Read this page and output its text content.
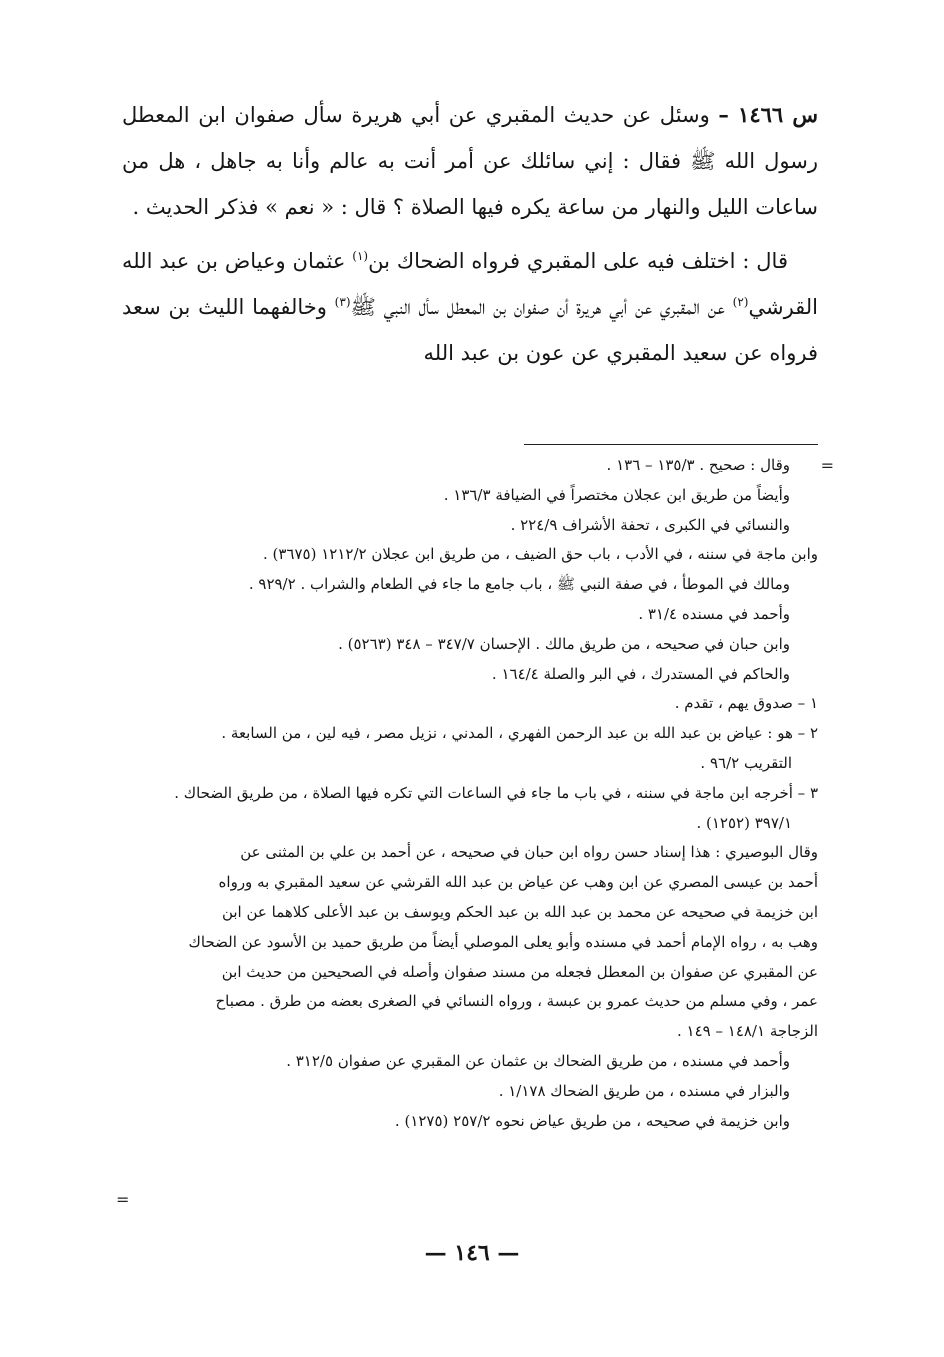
س ١٤٦٦ – وسئل عن حديث المقبري عن أبي هريرة سأل صفوان ابن المعطل رسول الله ﷺ فقال : إني سائلك عن أمر أنت به عالم وأنا به جاهل ، هل من ساعات الليل والنهار من ساعة يكره فيها الصلاة ؟ قال : « نعم » فذكر الحديث .

قال : اختلف فيه على المقبري فرواه الضحاك بن$^{(١)}$ عثمان وعياض بن عبد الله القرشي$^{(٢)}$ عن المقبري عن أبي هريرة أن صفوان بن المعطل سأل النبي ﷺ$^{(٣)}$ وخالفهما الليث بن سعد فرواه عن سعيد المقبري عن عون بن عبد الله

=

وقال : صحيح . ١٣٥/٣ – ١٣٦ .

وأيضاً من طريق ابن عجلان مختصراً في الضيافة ١٣٦/٣ .

والنسائي في الكبرى ، تحفة الأشراف ٢٢٤/٩ .

وابن ماجة في سننه ، في الأدب ، باب حق الضيف ، من طريق ابن عجلان ١٢١٢/٢ (٣٦٧٥) .

ومالك في الموطأ ، في صفة النبي ﷺ ، باب جامع ما جاء في الطعام والشراب . ٩٢٩/٢ .

وأحمد في مسنده ٣١/٤ .

وابن حبان في صحيحه ، من طريق مالك . الإحسان ٣٤٧/٧ – ٣٤٨ (٥٢٦٣) .

والحاكم في المستدرك ، في البر والصلة ١٦٤/٤ .

١ – صدوق يهم ، تقدم .

٢ – هو : عياض بن عبد الله بن عبد الرحمن الفهري ، المدني ، نزيل مصر ، فيه لين ، من السابعة .

التقريب ٩٦/٢ .

٣ – أخرجه ابن ماجة في سننه ، في باب ما جاء في الساعات التي تكره فيها الصلاة ، من طريق الضحاك .

٣٩٧/١ (١٢٥٢) .

وقال البوصيري : هذا إسناد حسن رواه ابن حبان في صحيحه ، عن أحمد بن علي بن المثنى عن

أحمد بن عيسى المصري عن ابن وهب عن عياض بن عبد الله القرشي عن سعيد المقبري به ورواه

ابن خزيمة في صحيحه عن محمد بن عبد الله بن عبد الحكم ويوسف بن عبد الأعلى كلاهما عن ابن

وهب به ، رواه الإمام أحمد في مسنده وأبو يعلى الموصلي أيضاً من طريق حميد بن الأسود عن الضحاك

عن المقبري عن صفوان بن المعطل فجعله من مسند صفوان وأصله في الصحيحين من حديث ابن

عمر ، وفي مسلم من حديث عمرو بن عبسة ، ورواه النسائي في الصغرى بعضه من طرق . مصباح

الزجاجة ١٤٨/١ – ١٤٩ .

وأحمد في مسنده ، من طريق الضحاك بن عثمان عن المقبري عن صفوان ٣١٢/٥ .

والبزار في مسنده ، من طريق الضحاك ١/١٧٨ .

وابن خزيمة في صحيحه ، من طريق عياض نحوه ٢٥٧/٢ (١٢٧٥) .

=
— ١٤٦ —
